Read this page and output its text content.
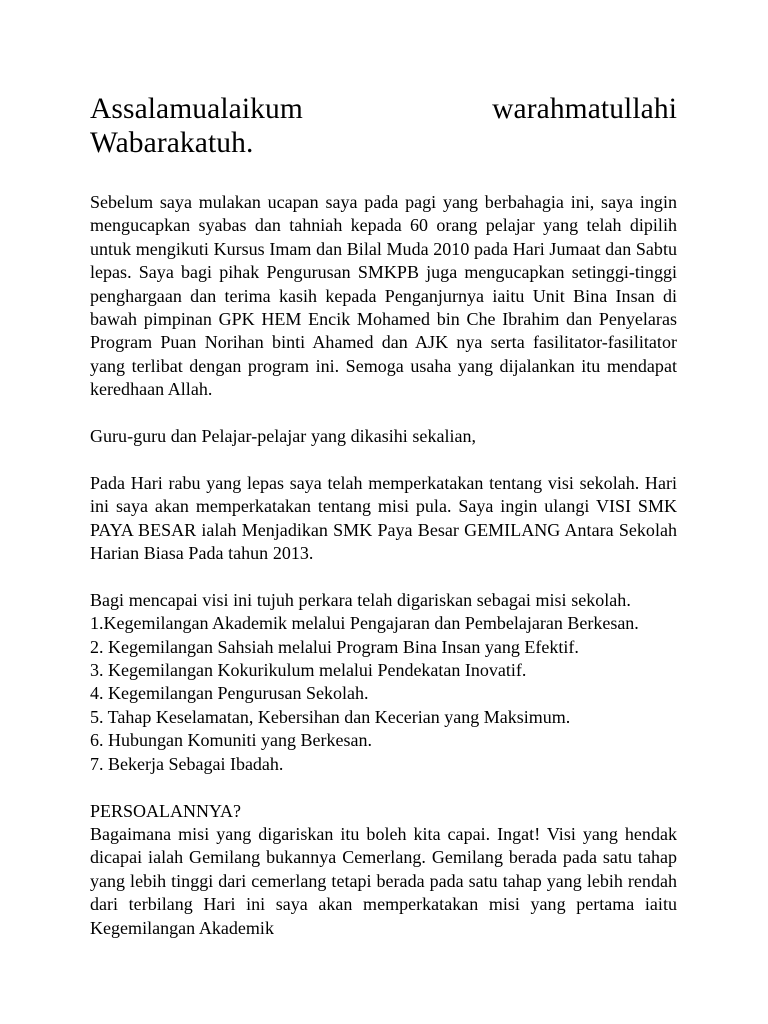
Assalamualaikum warahmatullahi
Wabarakatuh.

Sebelum saya mulakan ucapan saya pada pagi yang berbahagia ini, saya ingin mengucapkan syabas dan tahniah kepada 60 orang pelajar yang telah dipilih untuk mengikuti Kursus Imam dan Bilal Muda 2010 pada Hari Jumaat dan Sabtu lepas. Saya bagi pihak Pengurusan SMKPB juga mengucapkan setinggi-tinggi penghargaan dan terima kasih kepada Penganjurnya iaitu Unit Bina Insan di bawah pimpinan GPK HEM Encik Mohamed bin Che Ibrahim dan Penyelaras Program Puan Norihan binti Ahamed dan AJK nya serta fasilitator-fasilitator yang terlibat dengan program ini. Semoga usaha yang dijalankan itu mendapat keredhaan Allah.

Guru-guru dan Pelajar-pelajar yang dikasihi sekalian,

Pada Hari rabu yang lepas saya telah memperkatakan tentang visi sekolah. Hari ini saya akan memperkatakan tentang misi pula. Saya ingin ulangi VISI SMK PAYA BESAR ialah Menjadikan SMK Paya Besar GEMILANG Antara Sekolah Harian Biasa Pada tahun 2013.

Bagi mencapai visi ini tujuh perkara telah digariskan sebagai misi sekolah.

1.Kegemilangan Akademik melalui Pengajaran dan Pembelajaran Berkesan.
2. Kegemilangan Sahsiah melalui Program Bina Insan yang Efektif.
3. Kegemilangan Kokurikulum melalui Pendekatan Inovatif.
4. Kegemilangan Pengurusan Sekolah.
5. Tahap Keselamatan, Kebersihan dan Kecerian yang Maksimum.
6. Hubungan Komuniti yang Berkesan.
7. Bekerja Sebagai Ibadah.

PERSOALANNYA?

Bagaimana misi yang digariskan itu boleh kita capai. Ingat! Visi yang hendak dicapai ialah Gemilang bukannya Cemerlang. Gemilang berada pada satu tahap yang lebih tinggi dari cemerlang tetapi berada pada satu tahap yang lebih rendah dari terbilang Hari ini saya akan memperkatakan misi yang pertama iaitu Kegemilangan Akademik
